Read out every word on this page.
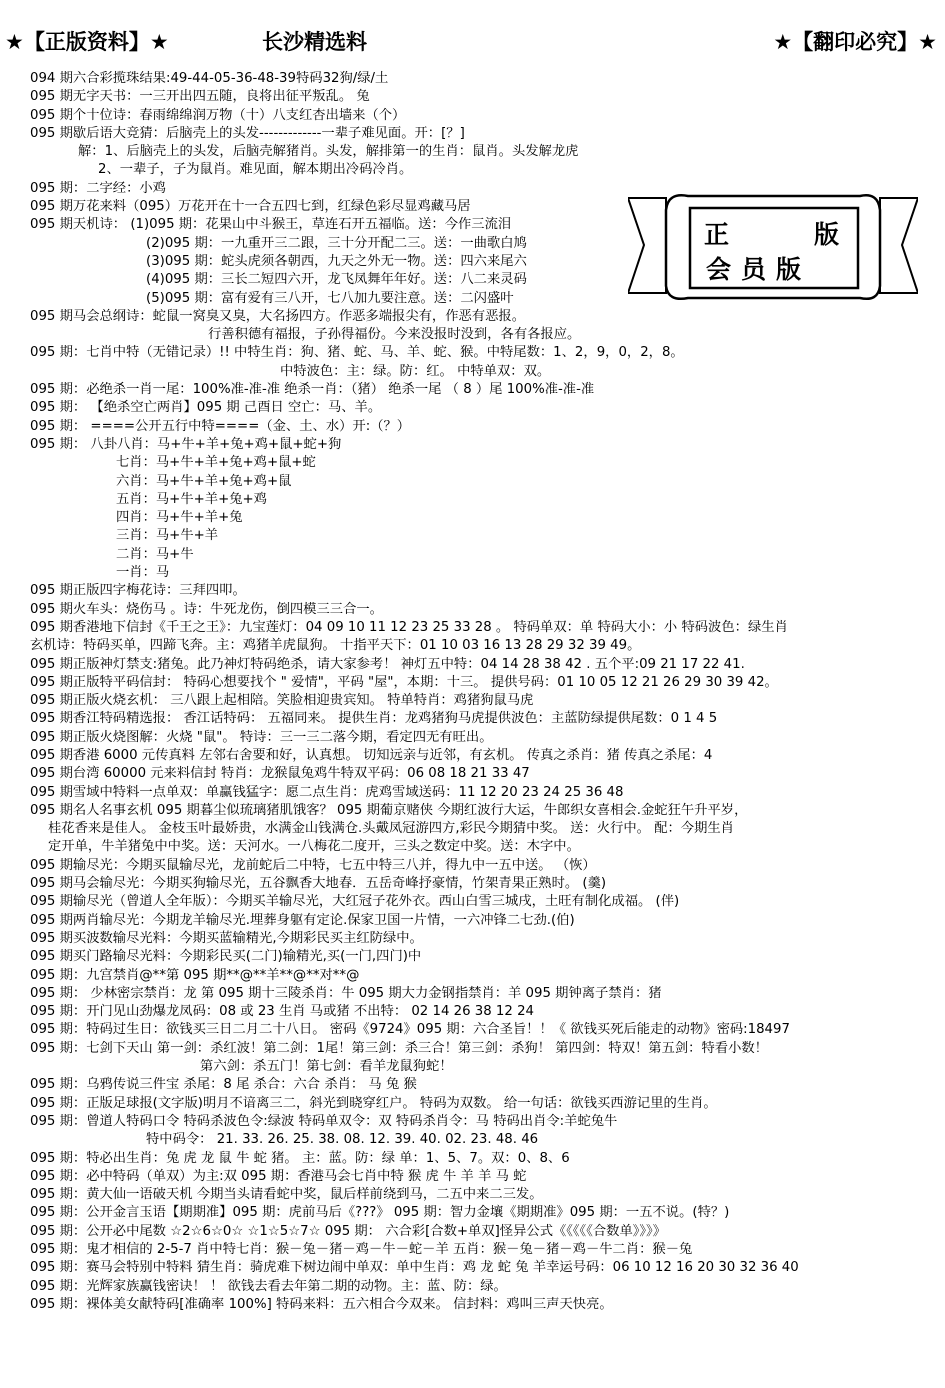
★【正版资料】★	长沙精选料	★【翻印必究】★
正	版
会员版
094 期六合彩揽珠结果:49-44-05-36-48-39特码32狗/绿/土
095 期无字天书：一三开出四五随，良将出征平叛乱。 兔
095 期个十位诗：春雨绵绵润万物（十）八支红杏出墙来（个）
095 期歇后语大竞猜：后脑壳上的头发-------------一辈子难见面。开：[？]
解：1、后脑壳上的头发，后脑壳解猪肖。头发，解排第一的生肖：鼠肖。头发解龙虎
2、一辈子，子为鼠肖。难见面，解本期出冷码冷肖。
095 期：二字经：小鸡
095 期万花来料（095）万花开在十一合五四七到，红绿色彩尽显鸡藏马居
095 期天机诗： (1)095 期：花果山中斗猴王，草连石开五福临。送：今作三流泪
(2)095 期：一九重开三二跟，三十分开配二三。送：一曲歌白鸠
(3)095 期：蛇头虎须各朝西，九天之外无一物。送：四六来尾六
(4)095 期：三长二短四六开，龙飞凤舞年年好。送：八二来灵码
(5)095 期：富有爱有三八开，七八加九要注意。送：二闪盛叶
095 期马会总纲诗：蛇鼠一窝臭又臭，大名扬四方。作恶多端报尖有，作恶有恶报。
行善积德有福报，子孙得福份。今来没报时没到，各有各报应。
095 期：七肖中特（无错记录）!! 中特生肖：狗、猪、蛇、马、羊、蛇、猴。中特尾数：1、2，9，0，2，8。
中特波色：主：绿。防：红。 中特单双：双。
095 期：必绝杀一肖一尾：100%准-准-准 绝杀一肖：（猪） 绝杀一尾 （ 8 ）尾 100%准-准-准
095 期： 【绝杀空亡两肖】095 期 己酉日 空亡：马、羊。
095 期： ====公开五行中特====（金、土、水）开:（？）
095 期： 八卦八肖：马+牛+羊+兔+鸡+鼠+蛇+狗
七肖：马+牛+羊+兔+鸡+鼠+蛇
六肖：马+牛+羊+兔+鸡+鼠
五肖：马+牛+羊+兔+鸡
四肖：马+牛+羊+兔
三肖：马+牛+羊
二肖：马+牛
一肖：马
095 期正版四字梅花诗：三拜四叩。
095 期火车头：烧伤马 。诗：牛死龙伤，倒四模三三合一。
095 期香港地下信封《千王之王》：九宝莲灯：04 09 10 11 12 23 25 33 28 。 特码单双：单 特码大小：小 特码波色：绿生肖
玄机诗：特码买单，四蹄飞奔。主：鸡猪羊虎鼠狗。 十指平天下：01 10 03 16 13 28 29 32 39 49。
095 期正版神灯禁支:猪兔。此乃神灯特码绝杀，请大家参考！ 神灯五中特：04 14 28 38 42 . 五个平:09 21 17 22 41.
095 期正版特平码信封： 特码心想要找个 " 爱情"，平码 "屋"，本期：十三。 提供号码：01 10 05 12 21 26 29 30 39 42。
095 期正版火烧玄机： 三八跟上起相陪。笑脸相迎贵宾知。 特单特肖：鸡猪狗鼠马虎
095 期香江特码精选报： 香江话特码： 五福同来。 提供生肖：龙鸡猪狗马虎提供波色：主蓝防绿提供尾数：0 1 4 5
095 期正版火烧图解：火烧 "鼠"。 特诗：三一三二落今期，看定四无有旺出。
095 期香港 6000 元传真料 左邻右舍要和好，认真想。 切知远亲与近邻，有玄机。 传真之杀肖：猪 传真之杀尾：4
095 期台湾 60000 元来料信封 特肖：龙猴鼠兔鸡牛特双平码：06 08 18 21 33 47
095 期雪域中特料一点单双：单赢钱猛字：愿二点生肖：虎鸡雪域送码：11 12 20 23 24 25 36 48
095 期名人名事玄机 095 期暮尘似琉璃猪肌饿客？ 095 期葡京赌侠 今期红波行大运，牛郎织女喜相会.金蛇狂午升平岁，
桂花香来是佳人。 金枝玉叶最娇贵，水满金山钱满仓.头戴凤冠游四方,彩民今期猜中奖。 送：火行中。 配：今期生肖
定开单，牛羊猪兔中中奖。送：天河水。一八梅花二度开，三头之数定中奖。送：木字中。
095 期输尽光：今期买鼠输尽光，龙前蛇后二中特，七五中特三八并，得九中一五中送。 （恢）
095 期马会输尽光：今期买狗输尽光，五谷飘香大地春．五岳奇峰抒豪情，竹架青果正熟时。 (羹)
095 期输尽光（曾道人全年版）：今期买羊输尽光，大红冠子花外衣。西山白雪三城戌，土旺有制化成福。 (伴)
095 期两肖输尽光：今期龙羊输尽光.埋葬身躯有定论.保家卫国一片情，一六冲锋二七劲.(伯)
095 期买波数输尽光料：今期买蓝输精光,今期彩民买主红防绿中。
095 期买门路输尽光料：今期彩民买(二门)输精光,买(一门,四门)中
095 期：九宫禁肖@**第 095 期**@**羊**@**对**@
095 期： 少林密宗禁肖：龙 第 095 期十三陵杀肖：牛 095 期大力金钢指禁肖：羊 095 期钟离子禁肖：猪
095 期：开门见山劲爆龙凤码：08 或 23 生肖 马或猪 不出特： 02 14 26 38 12 24
095 期：特码过生日：欲钱买三日二月二十八日。 密码《9724》095 期：六合圣旨！！《 欲钱买死后能走的动物》密码:18497
095 期：七剑下天山 第一剑：杀红波！第二剑：1尾！第三剑：杀三合！第三剑：杀狗！ 第四剑：特双！第五剑：特看小数！
第六剑：杀五门！第七剑：看羊龙鼠狗蛇！
095 期：乌鸦传说三件宝 杀尾：8 尾 杀合：六合 杀肖： 马 兔 猴
095 期：正版足球报(文字版)明月不谙离三二，斜光到晓穿红户。 特码为双数。 给一句话：欲钱买西游记里的生肖。
095 期：曾道人特码口令 特码杀波色令:绿波 特码单双令：双 特码杀肖令：马 特码出肖令:羊蛇兔牛
特中码令： 21. 33. 26. 25. 38. 08. 12. 39. 40. 02. 23. 48. 46
095 期：特必出生肖：兔 虎 龙 鼠 牛 蛇 猪。 主：蓝。防：绿 单：1、5、7。双：0、8、6
095 期：必中特码（单双）为主:双 095 期：香港马会七肖中特 猴 虎 牛 羊 羊 马 蛇
095 期：黄大仙一语破天机 今期当头请看蛇中奖，鼠后样前绕到马，二五中来二三发。
095 期：公开金言玉语【期期准】095 期：虎前马后《???》 095 期：智力金壤《期期准》095 期：一五不说。(特？)
095 期：公开必中尾数 ☆2☆6☆0☆ ☆1☆5☆7☆ 095 期： 六合彩[合数+单双]怪异公式《《《《《合数单》》》》
095 期：鬼才相信的 2-5-7 肖中特七肖：猴－兔－猪－鸡－牛－蛇－羊 五肖：猴－兔－猪－鸡－牛二肖：猴－兔
095 期：赛马会特别中特料 猜生肖：骑虎难下树边闹中单双：单中生肖：鸡 龙 蛇 兔 羊幸运号码：06 10 12 16 20 30 32 36 40
095 期：光辉家族赢钱密诀！ ！ 欲钱去看去年第二期的动物。主：蓝、防：绿。
095 期：裸体美女献特码[准确率 100%] 特码来料：五六相合今双来。 信封料：鸡叫三声天快亮。
